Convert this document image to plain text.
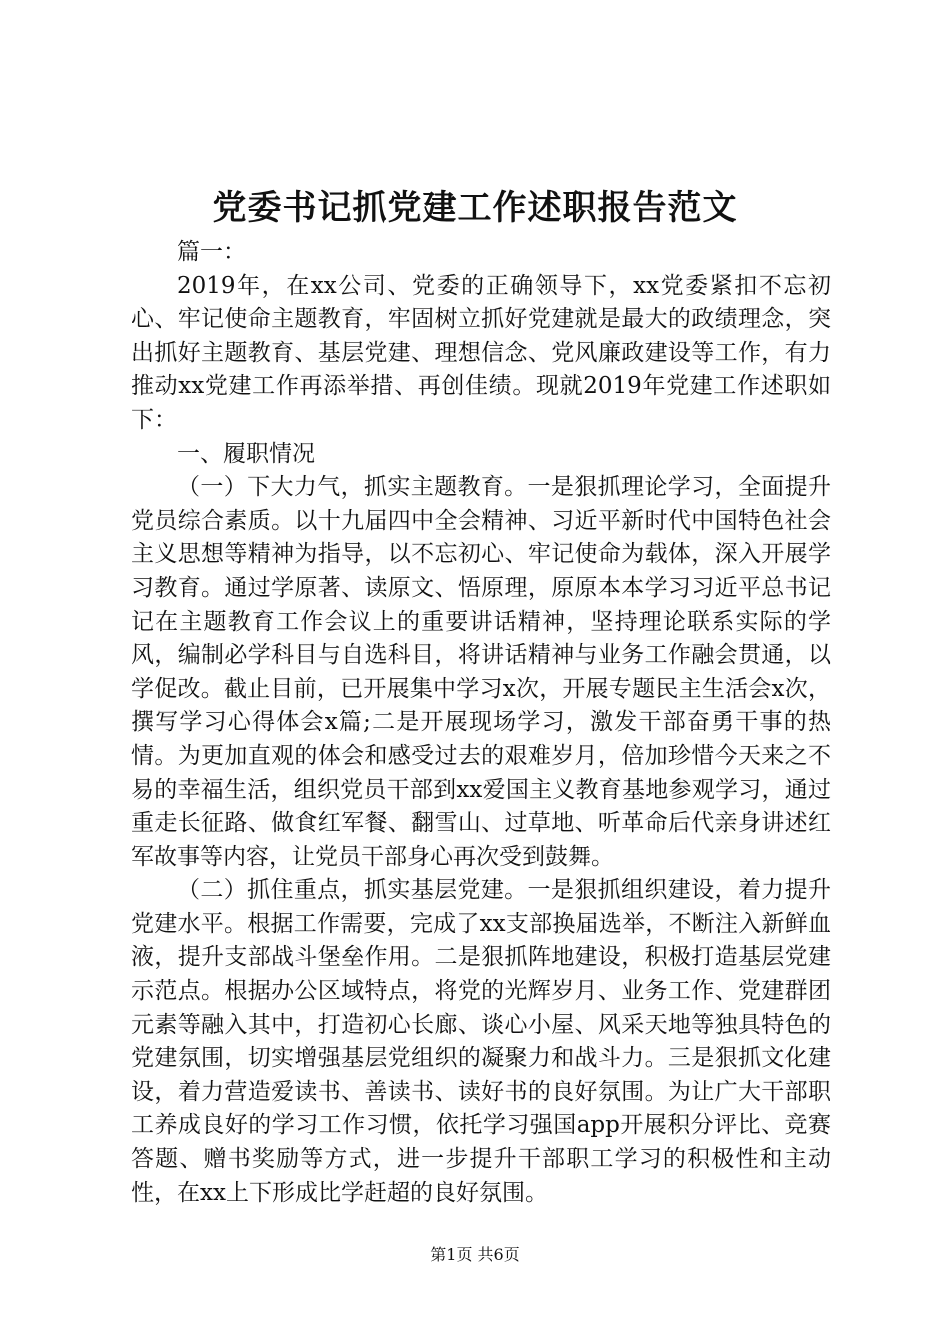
党委书记抓党建工作述职报告范文

篇一：

2019年，在xx公司、党委的正确领导下，xx党委紧扣不忘初心、牢记使命主题教育，牢固树立抓好党建就是最大的政绩理念，突出抓好主题教育、基层党建、理想信念、党风廉政建设等工作，有力推动xx党建工作再添举措、再创佳绩。现就2019年党建工作述职如下：

一、履职情况

（一）下大力气，抓实主题教育。一是狠抓理论学习，全面提升党员综合素质。以十九届四中全会精神、习近平新时代中国特色社会主义思想等精神为指导，以不忘初心、牢记使命为载体，深入开展学习教育。通过学原著、读原文、悟原理，原原本本学习习近平总书记记在主题教育工作会议上的重要讲话精神，坚持理论联系实际的学风，编制必学科目与自选科目，将讲话精神与业务工作融会贯通，以学促改。截止目前，已开展集中学习x次，开展专题民主生活会x次，撰写学习心得体会x篇;二是开展现场学习，激发干部奋勇干事的热情。为更加直观的体会和感受过去的艰难岁月，倍加珍惜今天来之不易的幸福生活，组织党员干部到xx爱国主义教育基地参观学习，通过重走长征路、做食红军餐、翻雪山、过草地、听革命后代亲身讲述红军故事等内容，让党员干部身心再次受到鼓舞。

（二）抓住重点，抓实基层党建。一是狠抓组织建设，着力提升党建水平。根据工作需要，完成了xx支部换届选举，不断注入新鲜血液，提升支部战斗堡垒作用。二是狠抓阵地建设，积极打造基层党建示范点。根据办公区域特点，将党的光辉岁月、业务工作、党建群团元素等融入其中，打造初心长廊、谈心小屋、风采天地等独具特色的党建氛围，切实增强基层党组织的凝聚力和战斗力。三是狠抓文化建设，着力营造爱读书、善读书、读好书的良好氛围。为让广大干部职工养成良好的学习工作习惯，依托学习强国app开展积分评比、竞赛答题、赠书奖励等方式，进一步提升干部职工学习的积极性和主动性，在xx上下形成比学赶超的良好氛围。

第1页 共6页
